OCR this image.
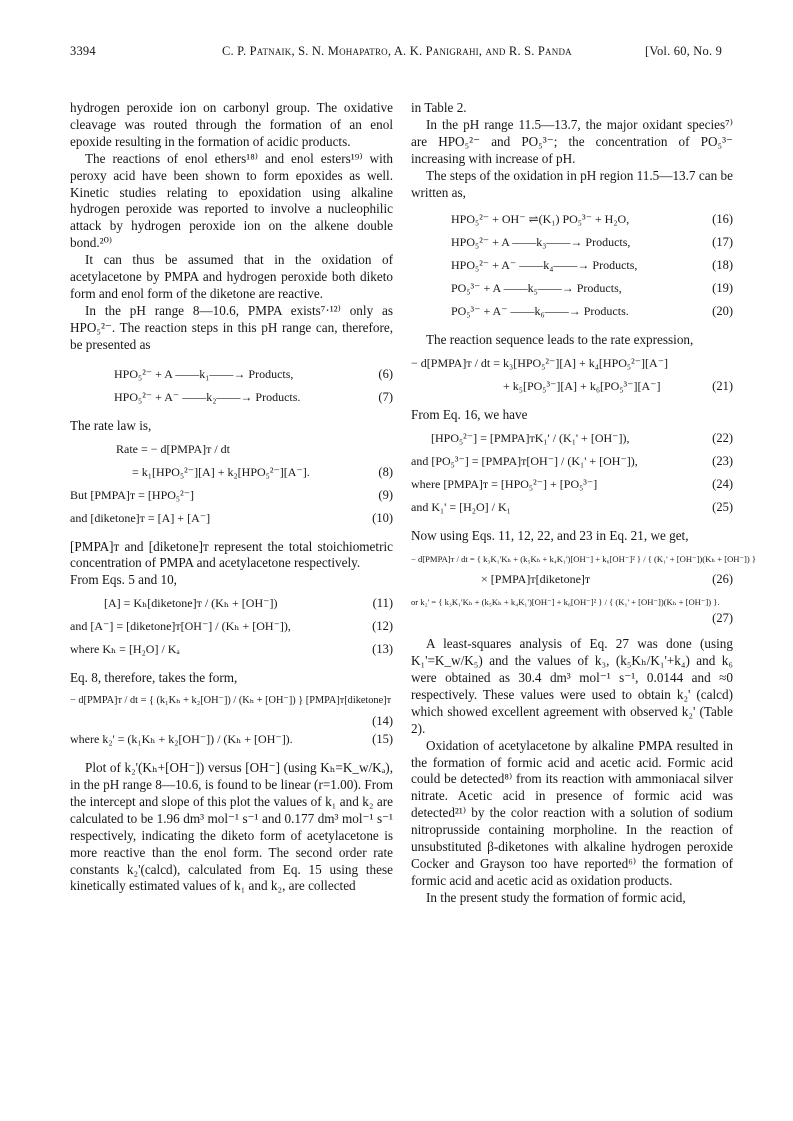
3394	C. P. Patnaik, S. N. Mohapatro, A. K. Panigrahi, and R. S. Panda	[Vol. 60, No. 9

hydrogen peroxide ion on carbonyl group. The oxidative cleavage was routed through the formation of an enol epoxide resulting in the formation of acidic products.

The reactions of enol ethers¹⁸⁾ and enol esters¹⁹⁾ with peroxy acid have been shown to form epoxides as well. Kinetic studies relating to epoxidation using alkaline hydrogen peroxide was reported to involve a nucleophilic attack by hydrogen peroxide ion on the alkene double bond.²⁰⁾

It can thus be assumed that in the oxidation of acetylacetone by PMPA and hydrogen peroxide both diketo form and enol form of the diketone are reactive.

In the pH range 8—10.6, PMPA exists⁷·¹²⁾ only as HPO₅²⁻. The reaction steps in this pH range can, therefore, be presented as

HPO₅²⁻ + A ——k₁——→ Products,	(6)
HPO₅²⁻ + A⁻ ——k₂——→ Products.	(7)

The rate law is,

Rate = − d[PMPA]ᴛ / dt
= k₁[HPO₅²⁻][A] + k₂[HPO₅²⁻][A⁻].	(8)
But [PMPA]ᴛ = [HPO₅²⁻]	(9)
and [diketone]ᴛ = [A] + [A⁻]	(10)

[PMPA]ᴛ and [diketone]ᴛ represent the total stoichiometric concentration of PMPA and acetylacetone respectively.

From Eqs. 5 and 10,

[A] = Kₕ[diketone]ᴛ / (Kₕ + [OH⁻])	(11)
and [A⁻] = [diketone]ᴛ[OH⁻] / (Kₕ + [OH⁻]),	(12)
where Kₕ = [H₂O] / Kₐ	(13)

Eq. 8, therefore, takes the form,

− d[PMPA]ᴛ / dt = { (k₁Kₕ + k₂[OH⁻]) / (Kₕ + [OH⁻]) } [PMPA]ᴛ[diketone]ᴛ
(14)
where k₂' = (k₁Kₕ + k₂[OH⁻]) / (Kₕ + [OH⁻]).	(15)

Plot of k₂'(Kₕ+[OH⁻]) versus [OH⁻] (using Kₕ=K_w/Kₐ), in the pH range 8—10.6, is found to be linear (r=1.00). From the intercept and slope of this plot the values of k₁ and k₂ are calculated to be 1.96 dm³ mol⁻¹ s⁻¹ and 0.177 dm³ mol⁻¹ s⁻¹ respectively, indicating the diketo form of acetylacetone is more reactive than the enol form. The second order rate constants k₂'(calcd), calculated from Eq. 15 using these kinetically estimated values of k₁ and k₂, are collected

in Table 2.

In the pH range 11.5—13.7, the major oxidant species⁷⁾ are HPO₅²⁻ and PO₅³⁻; the concentration of PO₅³⁻ increasing with increase of pH.

The steps of the oxidation in pH region 11.5—13.7 can be written as,

HPO₅²⁻ + OH⁻ ⇌(K₁) PO₅³⁻ + H₂O,	(16)
HPO₅²⁻ + A ——k₃——→ Products,	(17)
HPO₅²⁻ + A⁻ ——k₄——→ Products,	(18)
PO₅³⁻ + A ——k₅——→ Products,	(19)
PO₅³⁻ + A⁻ ——k₆——→ Products.	(20)

The reaction sequence leads to the rate expression,

− d[PMPA]ᴛ / dt = k₃[HPO₅²⁻][A] + k₄[HPO₅²⁻][A⁻]
+ k₅[PO₅³⁻][A] + k₆[PO₅³⁻][A⁻]	(21)

From Eq. 16, we have

[HPO₅²⁻] = [PMPA]ᴛK₁' / (K₁' + [OH⁻]),	(22)
and [PO₅³⁻] = [PMPA]ᴛ[OH⁻] / (K₁' + [OH⁻]),	(23)
where [PMPA]ᴛ = [HPO₅²⁻] + [PO₅³⁻]	(24)
and K₁' = [H₂O] / K₁	(25)

Now using Eqs. 11, 12, 22, and 23 in Eq. 21, we get,

− d[PMPA]ᴛ / dt = { k₃K₁'Kₕ + (k₅Kₕ + k₄K₁')[OH⁻] + k₆[OH⁻]² } / { (K₁' + [OH⁻])(Kₕ + [OH⁻]) }
× [PMPA]ᴛ[diketone]ᴛ	(26)
or k₂' = { k₃K₁'Kₕ + (k₅Kₕ + k₄K₁')[OH⁻] + k₆[OH⁻]² } / { (K₁' + [OH⁻])(Kₕ + [OH⁻]) }.
(27)

A least-squares analysis of Eq. 27 was done (using K₁'=K_w/K₅) and the values of k₃, (k₅Kₕ/K₁'+k₄) and k₆ were obtained as 30.4 dm³ mol⁻¹ s⁻¹, 0.0144 and ≈0 respectively. These values were used to obtain k₂' (calcd) which showed excellent agreement with observed k₂' (Table 2).

Oxidation of acetylacetone by alkaline PMPA resulted in the formation of formic acid and acetic acid. Formic acid could be detected⁸⁾ from its reaction with ammoniacal silver nitrate. Acetic acid in presence of formic acid was detected²¹⁾ by the color reaction with a solution of sodium nitroprusside containing morpholine. In the reaction of unsubstituted β-diketones with alkaline hydrogen peroxide Cocker and Grayson too have reported⁶⁾ the formation of formic acid and acetic acid as oxidation products.

In the present study the formation of formic acid,
